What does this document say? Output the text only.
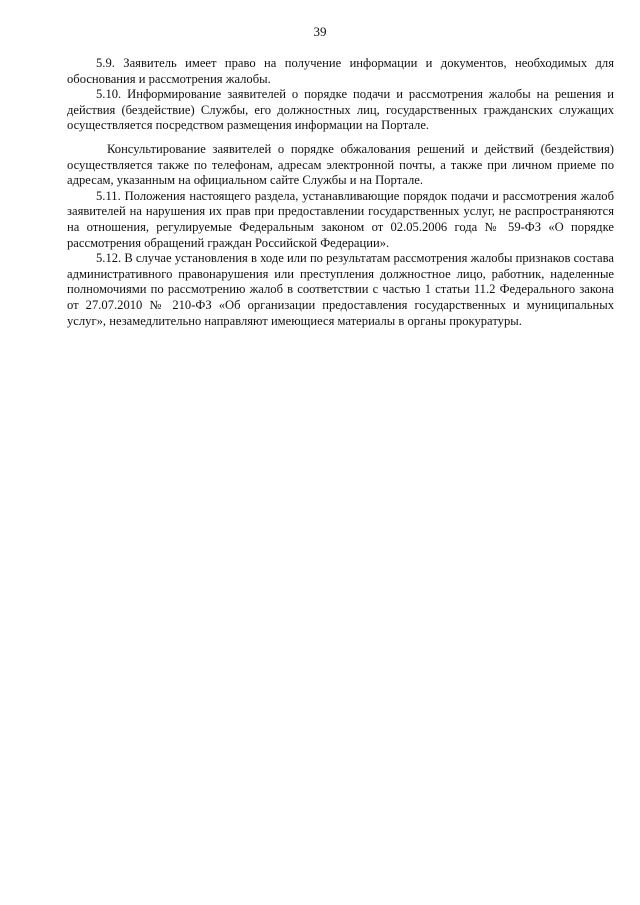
39

5.9. Заявитель имеет право на получение информации и документов, необходимых для обоснования и рассмотрения жалобы.

5.10. Информирование заявителей о порядке подачи и рассмотрения жалобы на решения и действия (бездействие) Службы, его должностных лиц, государственных гражданских служащих осуществляется посредством размещения информации на Портале.

Консультирование заявителей о порядке обжалования решений и действий (бездействия) осуществляется также по телефонам, адресам электронной почты, а также при личном приеме по адресам, указанным на официальном сайте Службы и на Портале.

5.11. Положения настоящего раздела, устанавливающие порядок подачи и рассмотрения жалоб заявителей на нарушения их прав при предоставлении государственных услуг, не распространяются на отношения, регулируемые Федеральным законом от 02.05.2006 года № 59-ФЗ «О порядке рассмотрения обращений граждан Российской Федерации».

5.12. В случае установления в ходе или по результатам рассмотрения жалобы признаков состава административного правонарушения или преступления должностное лицо, работник, наделенные полномочиями по рассмотрению жалоб в соответствии с частью 1 статьи 11.2 Федерального закона от 27.07.2010 № 210-ФЗ «Об организации предоставления государственных и муниципальных услуг», незамедлительно направляют имеющиеся материалы в органы прокуратуры.
